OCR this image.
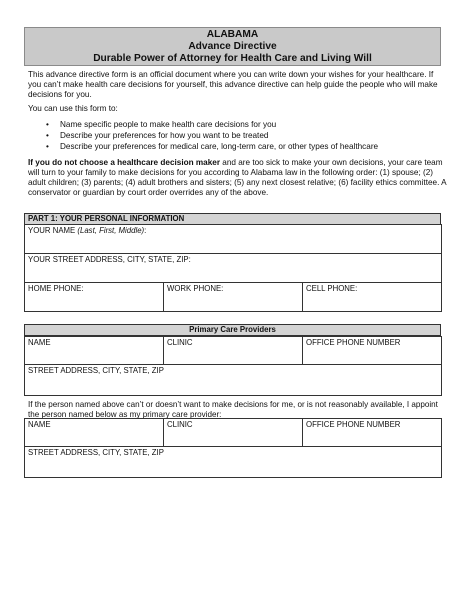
ALABAMA
Advance Directive
Durable Power of Attorney for Health Care and Living Will
This advance directive form is an official document where you can write down your wishes for your healthcare. If you can’t make health care decisions for yourself, this advance directive can help guide the people who will make decisions for you.
You can use this form to:
• Name specific people to make health care decisions for you
• Describe your preferences for how you want to be treated
• Describe your preferences for medical care, long-term care, or other types of healthcare
If you do not choose a healthcare decision maker and are too sick to make your own decisions, your care team will turn to your family to make decisions for you according to Alabama law in the following order: (1) spouse; (2) adult children; (3) parents; (4) adult brothers and sisters; (5) any next closest relative; (6) facility ethics committee. A conservator or guardian by court order overrides any of the above.
PART 1: YOUR PERSONAL INFORMATION
YOUR NAME (Last, First, Middle):
YOUR STREET ADDRESS, CITY, STATE, ZIP:
HOME PHONE:	WORK PHONE:	CELL PHONE:
Primary Care Providers
NAME	CLINIC	OFFICE PHONE NUMBER
STREET ADDRESS, CITY, STATE, ZIP
If the person named above can’t or doesn’t want to make decisions for me, or is not reasonably available, I appoint the person named below as my primary care provider:
NAME	CLINIC	OFFICE PHONE NUMBER
STREET ADDRESS, CITY, STATE, ZIP
